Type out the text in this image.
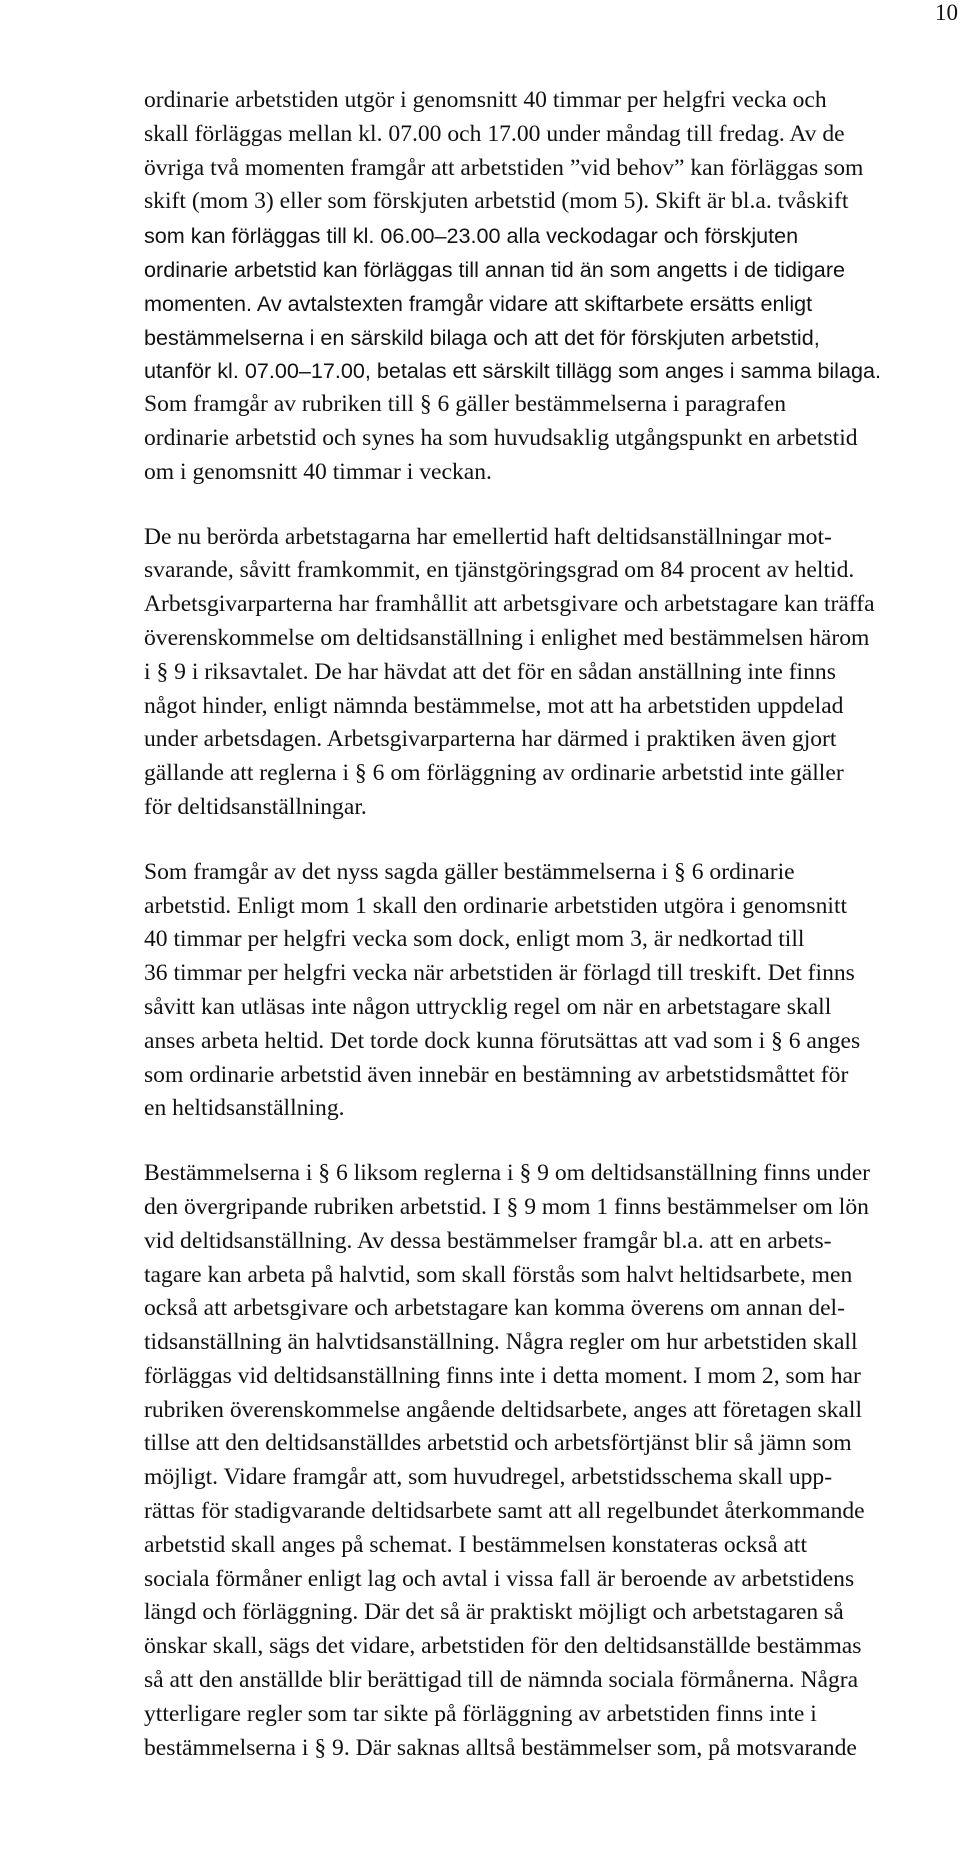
10

ordinarie arbetstiden utgör i genomsnitt 40 timmar per helgfri vecka och
skall förläggas mellan kl. 07.00 och 17.00 under måndag till fredag. Av de
övriga två momenten framgår att arbetstiden ”vid behov” kan förläggas som
skift (mom 3) eller som förskjuten arbetstid (mom 5). Skift är bl.a. tvåskift
som kan förläggas till kl. 06.00–23.00 alla veckodagar och förskjuten
ordinarie arbetstid kan förläggas till annan tid än som angetts i de tidigare
momenten. Av avtalstexten framgår vidare att skiftarbete ersätts enligt
bestämmelserna i en särskild bilaga och att det för förskjuten arbetstid,
utanför kl. 07.00–17.00, betalas ett särskilt tillägg som anges i samma bilaga.
Som framgår av rubriken till § 6 gäller bestämmelserna i paragrafen
ordinarie arbetstid och synes ha som huvudsaklig utgångspunkt en arbetstid
om i genomsnitt 40 timmar i veckan.

De nu berörda arbetstagarna har emellertid haft deltidsanställningar mot-
svarande, såvitt framkommit, en tjänstgöringsgrad om 84 procent av heltid.
Arbetsgivarparterna har framhållit att arbetsgivare och arbetstagare kan träffa
överenskommelse om deltidsanställning i enlighet med bestämmelsen härom
i § 9 i riksavtalet. De har hävdat att det för en sådan anställning inte finns
något hinder, enligt nämnda bestämmelse, mot att ha arbetstiden uppdelad
under arbetsdagen. Arbetsgivarparterna har därmed i praktiken även gjort
gällande att reglerna i § 6 om förläggning av ordinarie arbetstid inte gäller
för deltidsanställningar.

Som framgår av det nyss sagda gäller bestämmelserna i § 6 ordinarie
arbetstid. Enligt mom 1 skall den ordinarie arbetstiden utgöra i genomsnitt
40 timmar per helgfri vecka som dock, enligt mom 3, är nedkortad till
36 timmar per helgfri vecka när arbetstiden är förlagd till treskift. Det finns
såvitt kan utläsas inte någon uttrycklig regel om när en arbetstagare skall
anses arbeta heltid. Det torde dock kunna förutsättas att vad som i § 6 anges
som ordinarie arbetstid även innebär en bestämning av arbetstidsmåttet för
en heltidsanställning.

Bestämmelserna i § 6 liksom reglerna i § 9 om deltidsanställning finns under
den övergripande rubriken arbetstid. I § 9 mom 1 finns bestämmelser om lön
vid deltidsanställning. Av dessa bestämmelser framgår bl.a. att en arbets-
tagare kan arbeta på halvtid, som skall förstås som halvt heltidsarbete, men
också att arbetsgivare och arbetstagare kan komma överens om annan del-
tidsanställning än halvtidsanställning. Några regler om hur arbetstiden skall
förläggas vid deltidsanställning finns inte i detta moment. I mom 2, som har
rubriken överenskommelse angående deltidsarbete, anges att företagen skall
tillse att den deltidsanställdes arbetstid och arbetsförtjänst blir så jämn som
möjligt. Vidare framgår att, som huvudregel, arbetstidsschema skall upp-
rättas för stadigvarande deltidsarbete samt att all regelbundet återkommande
arbetstid skall anges på schemat. I bestämmelsen konstateras också att
sociala förmåner enligt lag och avtal i vissa fall är beroende av arbetstidens
längd och förläggning. Där det så är praktiskt möjligt och arbetstagaren så
önskar skall, sägs det vidare, arbetstiden för den deltidsanställde bestämmas
så att den anställde blir berättigad till de nämnda sociala förmånerna. Några
ytterligare regler som tar sikte på förläggning av arbetstiden finns inte i
bestämmelserna i § 9. Där saknas alltså bestämmelser som, på motsvarande
